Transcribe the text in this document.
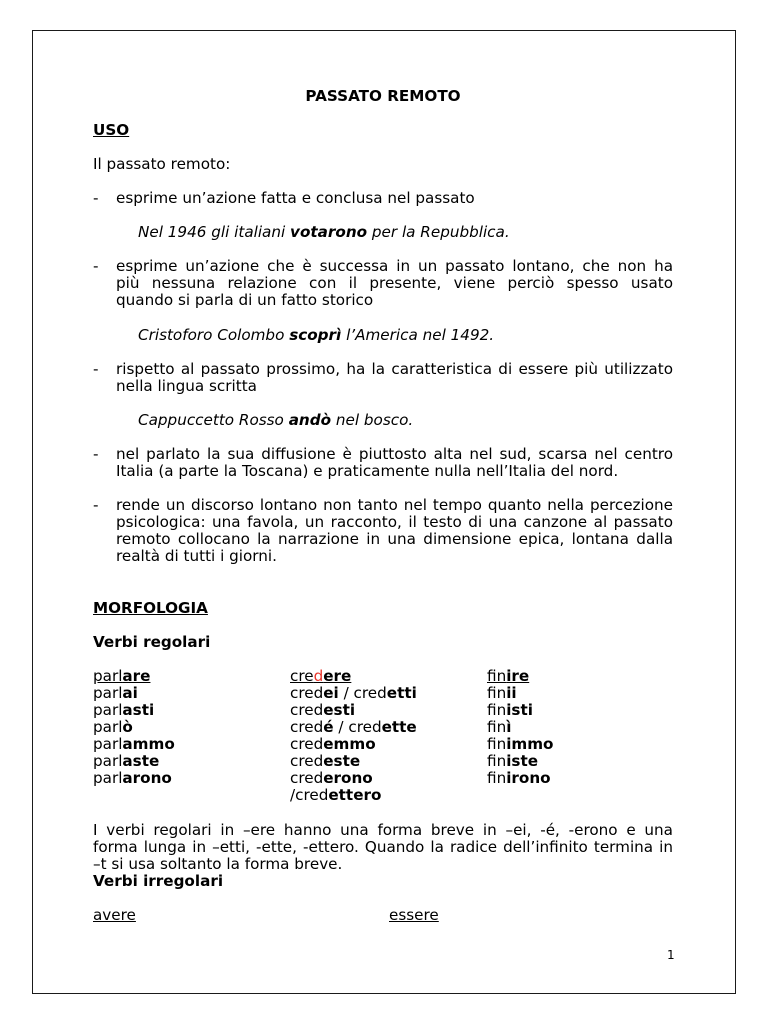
PASSATO REMOTO
USO
Il passato remoto:
- esprime un’azione fatta e conclusa nel passato
Nel 1946 gli italiani votarono per la Repubblica.
- esprime un’azione che è successa in un passato lontano, che non ha
più nessuna relazione con il presente, viene perciò spesso usato
quando si parla di un fatto storico
Cristoforo Colombo scoprì l’America nel 1492.
- rispetto al passato prossimo, ha la caratteristica di essere più utilizzato
nella lingua scritta
Cappuccetto Rosso andò nel bosco.
- nel parlato la sua diffusione è piuttosto alta nel sud, scarsa nel centro
Italia (a parte la Toscana) e praticamente nulla nell’Italia del nord.
- rende un discorso lontano non tanto nel tempo quanto nella percezione
psicologica: una favola, un racconto, il testo di una canzone al passato
remoto collocano la narrazione in una dimensione epica, lontana dalla
realtà di tutti i giorni.
MORFOLOGIA
Verbi regolari
parlare
parlai
parlasti
parlò
parlammo
parlaste
parlarono
credere
credei / credetti
credesti
credé / credette
credemmo
credeste
crederono
/credettero
finire
finii
finisti
finì
finimmo
finiste
finirono
I verbi regolari in –ere hanno una forma breve in –ei, -é, -erono e una
forma lunga in –etti, -ette, -ettero. Quando la radice dell’infinito termina in
–t si usa soltanto la forma breve.
Verbi irregolari
avere	essere
1
